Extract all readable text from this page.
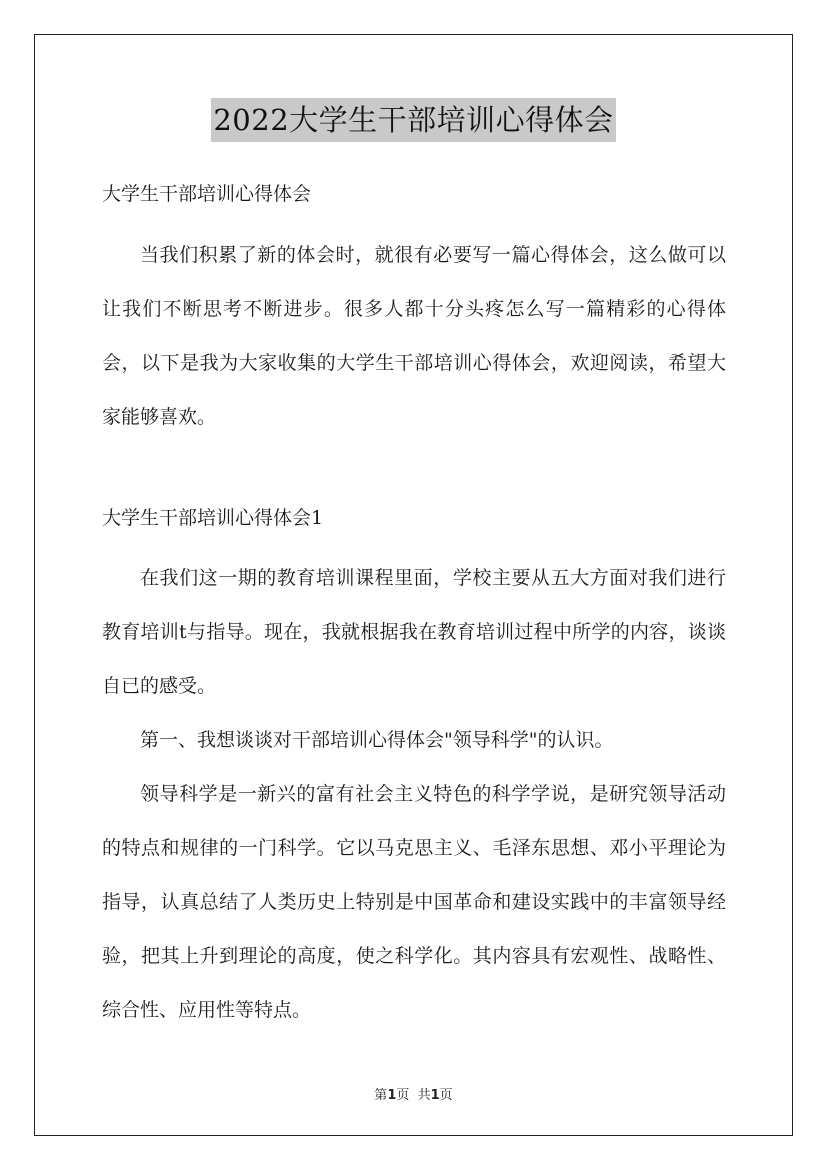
2022大学生干部培训心得体会

大学生干部培训心得体会

当我们积累了新的体会时，就很有必要写一篇心得体会，这么做可以让我们不断思考不断进步。很多人都十分头疼怎么写一篇精彩的心得体会，以下是我为大家收集的大学生干部培训心得体会，欢迎阅读，希望大家能够喜欢。

大学生干部培训心得体会1

在我们这一期的教育培训课程里面，学校主要从五大方面对我们进行教育培训t与指导。现在，我就根据我在教育培训过程中所学的内容，谈谈自已的感受。

第一、我想谈谈对干部培训心得体会"领导科学"的认识。

领导科学是一新兴的富有社会主义特色的科学学说，是研究领导活动的特点和规律的一门科学。它以马克思主义、毛泽东思想、邓小平理论为指导，认真总结了人类历史上特别是中国革命和建设实践中的丰富领导经验，把其上升到理论的高度，使之科学化。其内容具有宏观性、战略性、综合性、应用性等特点。

第1页  共1页
